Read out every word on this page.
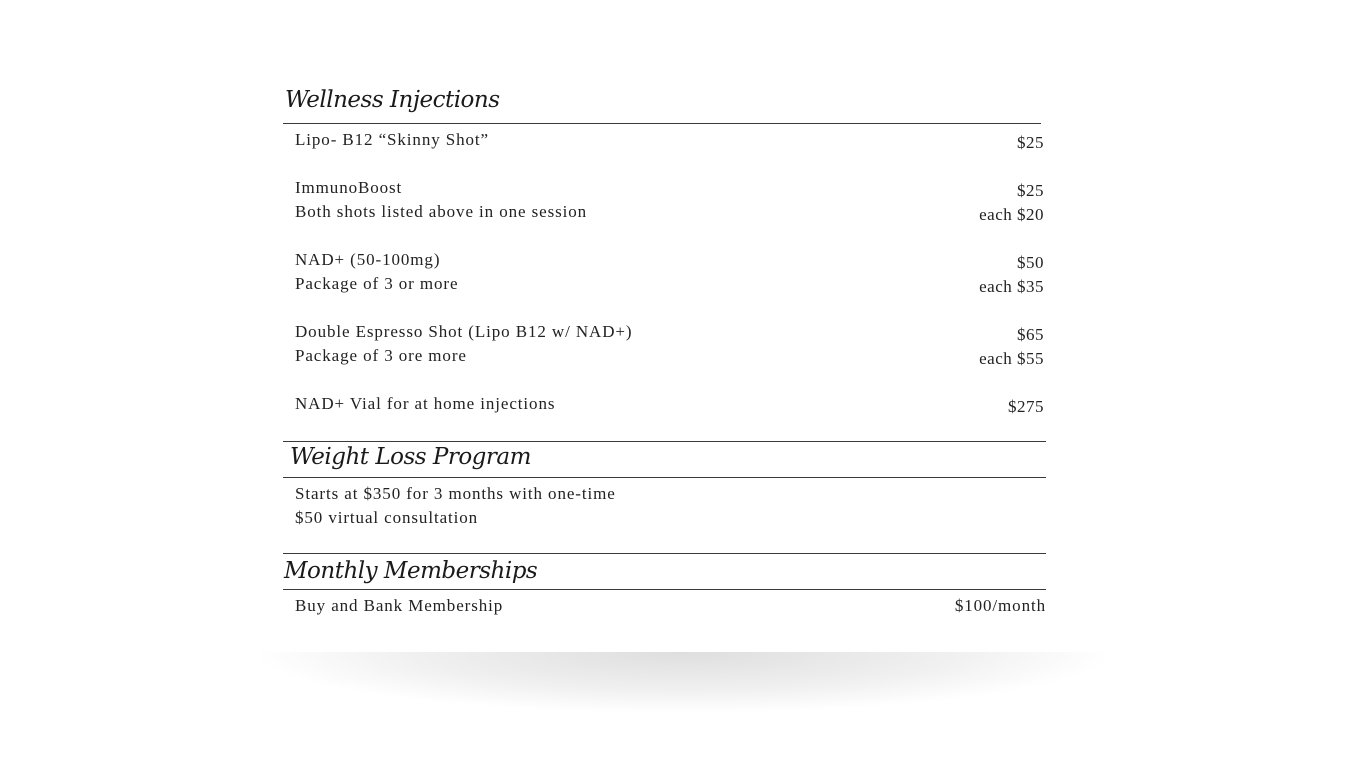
Wellness Injections
Lipo- B12 “Skinny Shot”	$25
ImmunoBoost	$25
Both shots listed above in one session	each $20
NAD+ (50-100mg)	$50
Package of 3 or more	each $35
Double Espresso Shot (Lipo B12 w/ NAD+)	$65
Package of 3 ore more	each $55
NAD+ Vial for at home injections	$275
Weight Loss Program
Starts at $350 for 3 months with one-time
$50 virtual consultation
Monthly Memberships
Buy and Bank Membership	$100/month
